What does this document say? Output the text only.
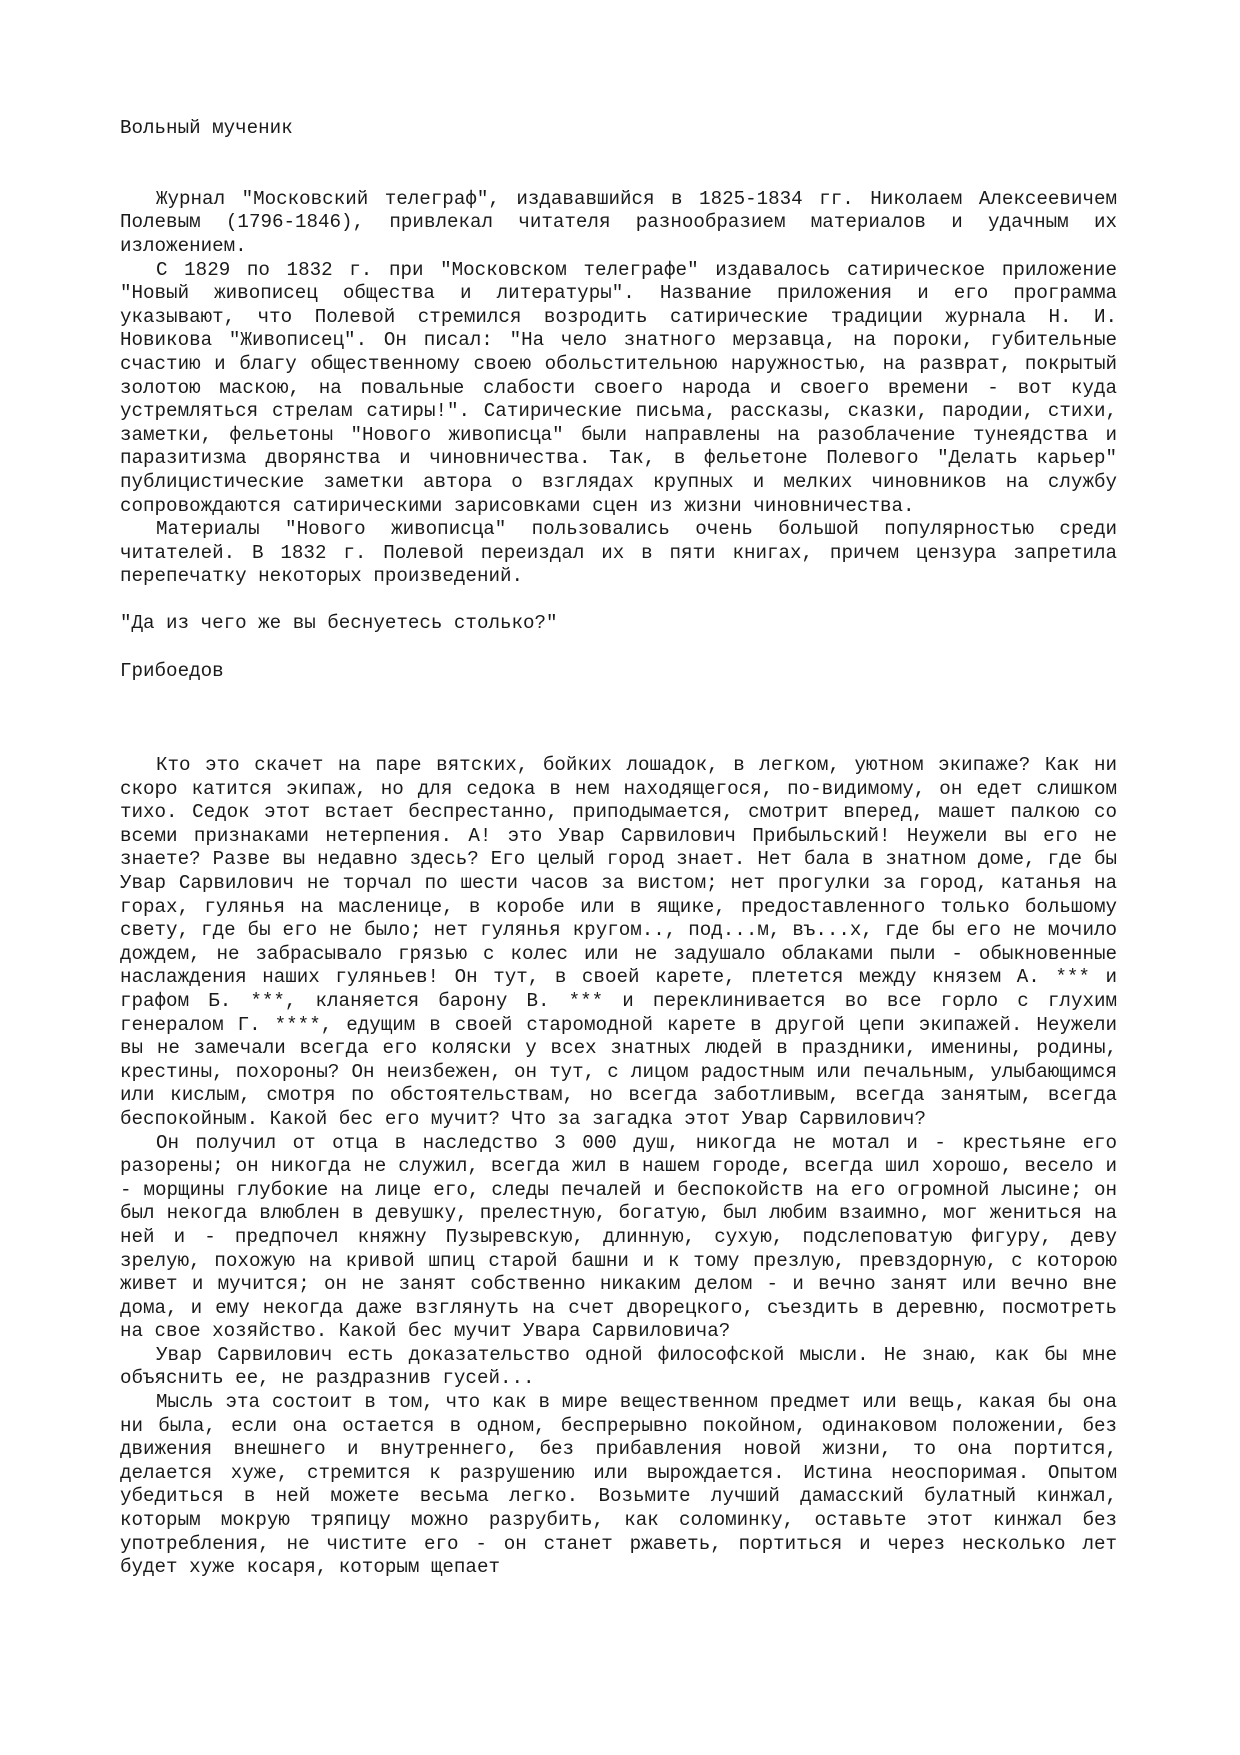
Вольный мученик

Журнал "Московский телеграф", издававшийся в 1825-1834 гг. Николаем Алексеевичем Полевым (1796-1846), привлекал читателя разнообразием материалов и удачным их изложением.

С 1829 по 1832 г. при "Московском телеграфе" издавалось сатирическое приложение "Новый живописец общества и литературы". Название приложения и его программа указывают, что Полевой стремился возродить сатирические традиции журнала Н. И. Новикова "Живописец". Он писал: "На чело знатного мерзавца, на пороки, губительные счастию и благу общественному своею обольстительною наружностью, на разврат, покрытый золотою маскою, на повальные слабости своего народа и своего времени - вот куда устремляться стрелам сатиры!". Сатирические письма, рассказы, сказки, пародии, стихи, заметки, фельетоны "Нового живописца" были направлены на разоблачение тунеядства и паразитизма дворянства и чиновничества. Так, в фельетоне Полевого "Делать карьер" публицистические заметки автора о взглядах крупных и мелких чиновников на службу сопровождаются сатирическими зарисовками сцен из жизни чиновничества.

Материалы "Нового живописца" пользовались очень большой популярностью среди читателей. В 1832 г. Полевой переиздал их в пяти книгах, причем цензура запретила перепечатку некоторых произведений.

"Да из чего же вы беснуетесь столько?"

Грибоедов

Кто это скачет на паре вятских, бойких лошадок, в легком, уютном экипаже? Как ни скоро катится экипаж, но для седока в нем находящегося, по-видимому, он едет слишком тихо. Седок этот встает беспрестанно, приподымается, смотрит вперед, машет палкою со всеми признаками нетерпения. А! это Увар Сарвилович Прибыльский! Неужели вы его не знаете? Разве вы недавно здесь? Его целый город знает. Нет бала в знатном доме, где бы Увар Сарвилович не торчал по шести часов за вистом; нет прогулки за город, катанья на горах, гулянья на масленице, в коробе или в ящике, предоставленного только большому свету, где бы его не было; нет гулянья кругом.., под...м, въ...х, где бы его не мочило дождем, не забрасывало грязью с колес или не задушало облаками пыли - обыкновенные наслаждения наших гуляньев! Он тут, в своей карете, плетется между князем А. *** и графом Б. ***, кланяется барону В. *** и переклинивается во все горло с глухим генералом Г. ****, едущим в своей старомодной карете в другой цепи экипажей. Неужели вы не замечали всегда его коляски у всех знатных людей в праздники, именины, родины, крестины, похороны? Он неизбежен, он тут, с лицом радостным или печальным, улыбающимся или кислым, смотря по обстоятельствам, но всегда заботливым, всегда занятым, всегда беспокойным. Какой бес его мучит? Что за загадка этот Увар Сарвилович?

Он получил от отца в наследство 3 000 душ, никогда не мотал и - крестьяне его разорены; он никогда не служил, всегда жил в нашем городе, всегда шил хорошо, весело и - морщины глубокие на лице его, следы печалей и беспокойств на его огромной лысине; он был некогда влюблен в девушку, прелестную, богатую, был любим взаимно, мог жениться на ней и - предпочел княжну Пузыревскую, длинную, сухую, подслеповатую фигуру, деву зрелую, похожую на кривой шпиц старой башни и к тому презлую, превздорную, с которою живет и мучится; он не занят собственно никаким делом - и вечно занят или вечно вне дома, и ему некогда даже взглянуть на счет дворецкого, съездить в деревню, посмотреть на свое хозяйство. Какой бес мучит Увара Сарвиловича?

Увар Сарвилович есть доказательство одной философской мысли. Не знаю, как бы мне объяснить ее, не раздразнив гусей...

Мысль эта состоит в том, что как в мире вещественном предмет или вещь, какая бы она ни была, если она остается в одном, беспрерывно покойном, одинаковом положении, без движения внешнего и внутреннего, без прибавления новой жизни, то она портится, делается хуже, стремится к разрушению или вырождается. Истина неоспоримая. Опытом убедиться в ней можете весьма легко. Возьмите лучший дамасский булатный кинжал, которым мокрую тряпицу можно разрубить, как соломинку, оставьте этот кинжал без употребления, не чистите его - он станет ржаветь, портиться и через несколько лет будет хуже косаря, которым щепает
